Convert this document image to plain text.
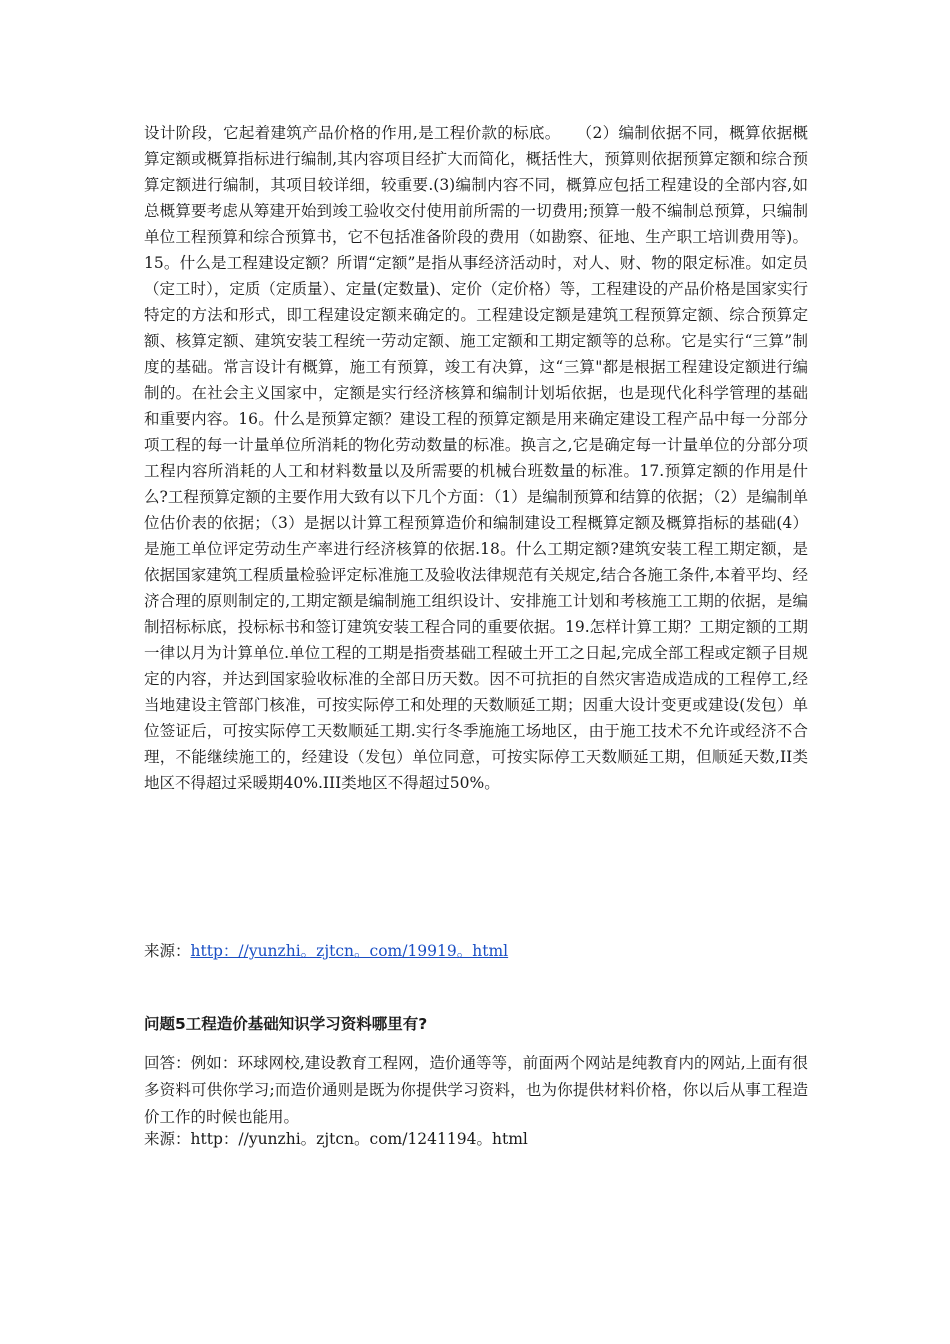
设计阶段，它起着建筑产品价格的作用,是工程价款的标底。　　（2）编制依据不同，概算依据概算定额或概算指标进行编制,其内容项目经扩大而简化，概括性大，预算则依据预算定额和综合预算定额进行编制，其项目较详细，较重要.(3)编制内容不同，概算应包括工程建设的全部内容,如总概算要考虑从筹建开始到竣工验收交付使用前所需的一切费用;预算一般不编制总预算，只编制单位工程预算和综合预算书，它不包括准备阶段的费用（如勘察、征地、生产职工培训费用等)。15。什么是工程建设定额？所谓“定额”是指从事经济活动时，对人、财、物的限定标准。如定员（定工时），定质（定质量）、定量(定数量)、定价（定价格）等，工程建设的产品价格是国家实行特定的方法和形式，即工程建设定额来确定的。工程建设定额是建筑工程预算定额、综合预算定额、核算定额、建筑安装工程统一劳动定额、施工定额和工期定额等的总称。它是实行“三算”制度的基础。常言设计有概算，施工有预算，竣工有决算，这“三算"都是根据工程建设定额进行编制的。在社会主义国家中，定额是实行经济核算和编制计划垢依据，也是现代化科学管理的基础和重要内容。16。什么是预算定额？建设工程的预算定额是用来确定建设工程产品中每一分部分项工程的每一计量单位所消耗的物化劳动数量的标准。换言之,它是确定每一计量单位的分部分项工程内容所消耗的人工和材料数量以及所需要的机械台班数量的标准。17.预算定额的作用是什么?工程预算定额的主要作用大致有以下几个方面：（1）是编制预算和结算的依据；（2）是编制单位估价表的依据；（3）是据以计算工程预算造价和编制建设工程概算定额及概算指标的基础(4）是施工单位评定劳动生产率进行经济核算的依据.18。什么工期定额?建筑安装工程工期定额，是依据国家建筑工程质量检验评定标准施工及验收法律规范有关规定,结合各施工条件,本着平均、经济合理的原则制定的,工期定额是编制施工组织设计、安排施工计划和考核施工工期的依据，是编制招标标底，投标标书和签订建筑安装工程合同的重要依据。19.怎样计算工期？工期定额的工期一律以月为计算单位.单位工程的工期是指赍基础工程破土开工之日起,完成全部工程或定额子目规定的内容，并达到国家验收标准的全部日历天数。因不可抗拒的自然灾害造成造成的工程停工,经当地建设主管部门核准，可按实际停工和处理的天数顺延工期；因重大设计变更或建设(发包）单位签证后，可按实际停工天数顺延工期.实行冬季施施工场地区，由于施工技术不允许或经济不合理，不能继续施工的，经建设（发包）单位同意，可按实际停工天数顺延工期，但顺延天数,II类地区不得超过采暖期40%.III类地区不得超过50%。

来源：http：//yunzhi。zjtcn。com/19919。html

问题5工程造价基础知识学习资料哪里有?

回答：例如：环球网校,建设教育工程网，造价通等等，前面两个网站是纯教育内的网站,上面有很多资料可供你学习;而造价通则是既为你提供学习资料，也为你提供材料价格，你以后从事工程造价工作的时候也能用。

来源：http：//yunzhi。zjtcn。com/1241194。html
